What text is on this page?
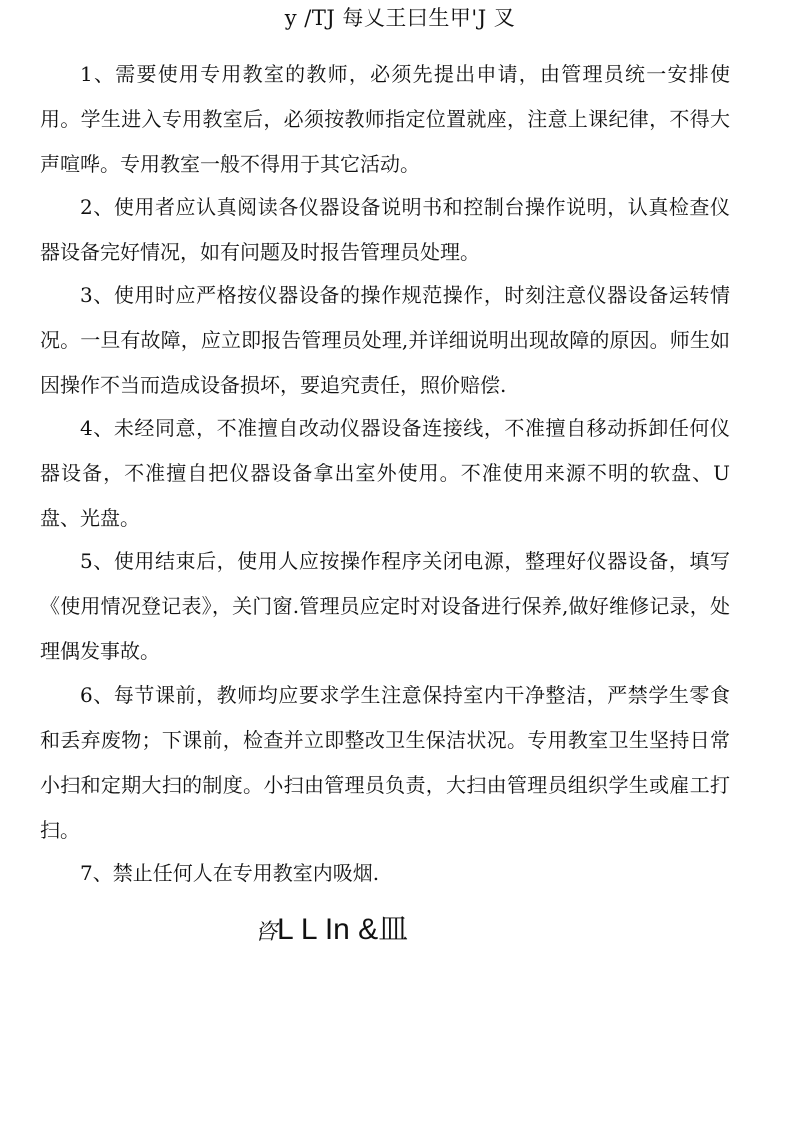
y /TJ 每乂王曰生甲'J 叉

1、需要使用专用教室的教师，必须先提出申请，由管理员统一安排使用。学生进入专用教室后，必须按教师指定位置就座，注意上课纪律，不得大声喧哗。专用教室一般不得用于其它活动。

2、使用者应认真阅读各仪器设备说明书和控制台操作说明，认真检查仪器设备完好情况，如有问题及时报告管理员处理。

3、使用时应严格按仪器设备的操作规范操作，时刻注意仪器设备运转情况。一旦有故障，应立即报告管理员处理,并详细说明出现故障的原因。师生如因操作不当而造成设备损坏，要追究责任，照价赔偿.

4、未经同意，不准擅自改动仪器设备连接线，不准擅自移动拆卸任何仪器设备，不准擅自把仪器设备拿出室外使用。不准使用来源不明的软盘、U盘、光盘。

5、使用结束后，使用人应按操作程序关闭电源，整理好仪器设备，填写《使用情况登记表》，关门窗.管理员应定时对设备进行保养,做好维修记录，处理偶发事故。

6、每节课前，教师均应要求学生注意保持室内干净整洁，严禁学生零食和丢弃废物；下课前，检查并立即整改卫生保洁状况。专用教室卫生坚持日常小扫和定期大扫的制度。小扫由管理员负责，大扫由管理员组织学生或雇工打扫。

7、禁止任何人在专用教室内吸烟.

咨L L In &皿
